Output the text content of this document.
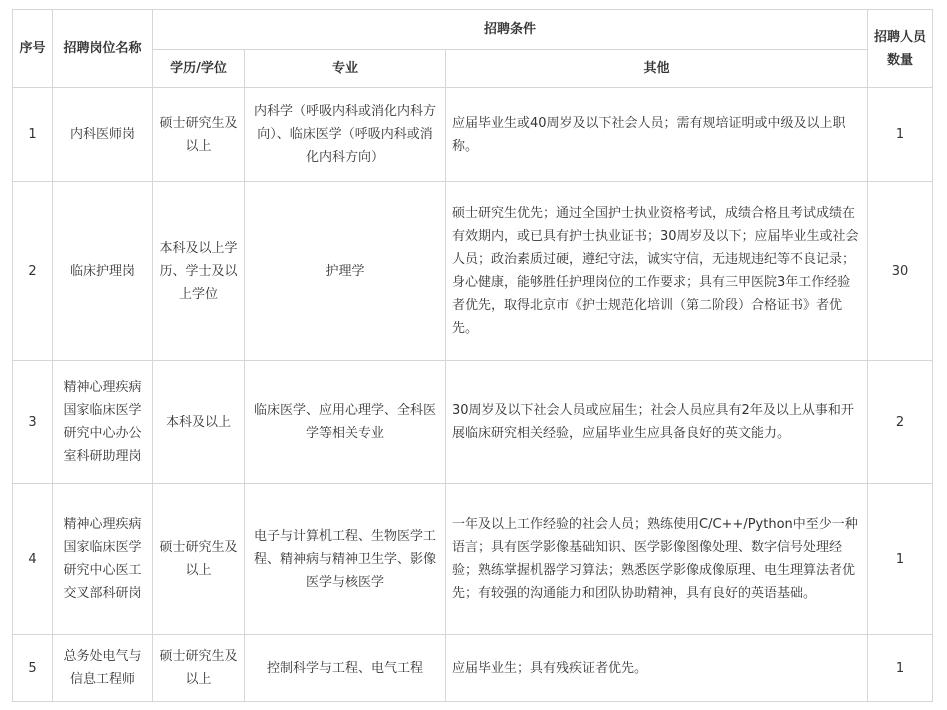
序号	招聘岗位名称	招聘条件			招聘人员数量
		学历/学位	专业	其他	
1	内科医师岗	硕士研究生及以上	内科学（呼吸内科或消化内科方向）、临床医学（呼吸内科或消化内科方向）	应届毕业生或40周岁及以下社会人员；需有规培证明或中级及以上职称。	1
2	临床护理岗	本科及以上学历、学士及以上学位	护理学	硕士研究生优先；通过全国护士执业资格考试，成绩合格且考试成绩在有效期内，或已具有护士执业证书；30周岁及以下；应届毕业生或社会人员；政治素质过硬，遵纪守法，诚实守信，无违规违纪等不良记录；身心健康，能够胜任护理岗位的工作要求；具有三甲医院3年工作经验者优先，取得北京市《护士规范化培训（第二阶段）合格证书》者优先。	30
3	精神心理疾病国家临床医学研究中心办公室科研助理岗	本科及以上	临床医学、应用心理学、全科医学等相关专业	30周岁及以下社会人员或应届生；社会人员应具有2年及以上从事和开展临床研究相关经验，应届毕业生应具备良好的英文能力。	2
4	精神心理疾病国家临床医学研究中心医工交叉部科研岗	硕士研究生及以上	电子与计算机工程、生物医学工程、精神病与精神卫生学、影像医学与核医学	一年及以上工作经验的社会人员；熟练使用C/C++/Python中至少一种语言；具有医学影像基础知识、医学影像图像处理、数字信号处理经验；熟练掌握机器学习算法；熟悉医学影像成像原理、电生理算法者优先；有较强的沟通能力和团队协助精神，具有良好的英语基础。	1
5	总务处电气与信息工程师	硕士研究生及以上	控制科学与工程、电气工程	应届毕业生；具有残疾证者优先。	1
